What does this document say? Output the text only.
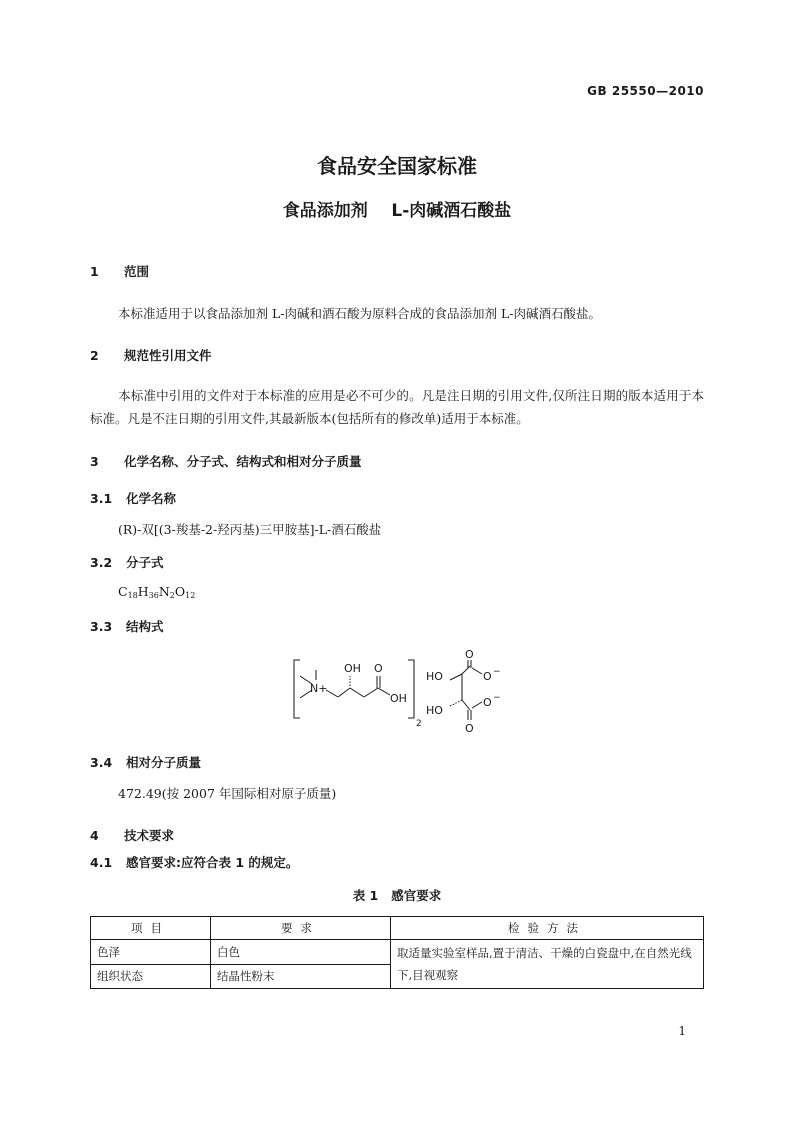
GB 25550—2010
食品安全国家标准
食品添加剂    L-肉碱酒石酸盐
1 范围
本标准适用于以食品添加剂 L-肉碱和酒石酸为原料合成的食品添加剂 L-肉碱酒石酸盐。
2 规范性引用文件
本标准中引用的文件对于本标准的应用是必不可少的。凡是注日期的引用文件,仅所注日期的版本适用于本标准。凡是不注日期的引用文件,其最新版本(包括所有的修改单)适用于本标准。
3 化学名称、分子式、结构式和相对分子质量
3.1 化学名称
(R)-双[(3-羧基-2-羟丙基)三甲胺基]-L-酒石酸盐
3.2 分子式
$C_{18}H_{36}N_2O_{12}$
3.3 结构式
OH
N+
O
OH
2
HO
HO
O
O −
O −
O
3.4 相对分子质量
472.49(按 2007 年国际相对原子质量)
4 技术要求
4.1 感官要求:应符合表 1 的规定。
表 1   感官要求
项目	要求	检验方法
色泽	白色	取适量实验室样品,置于清洁、干燥的白瓷盘中,在自然光线下,目视观察
组织状态	结晶性粉末	
1
